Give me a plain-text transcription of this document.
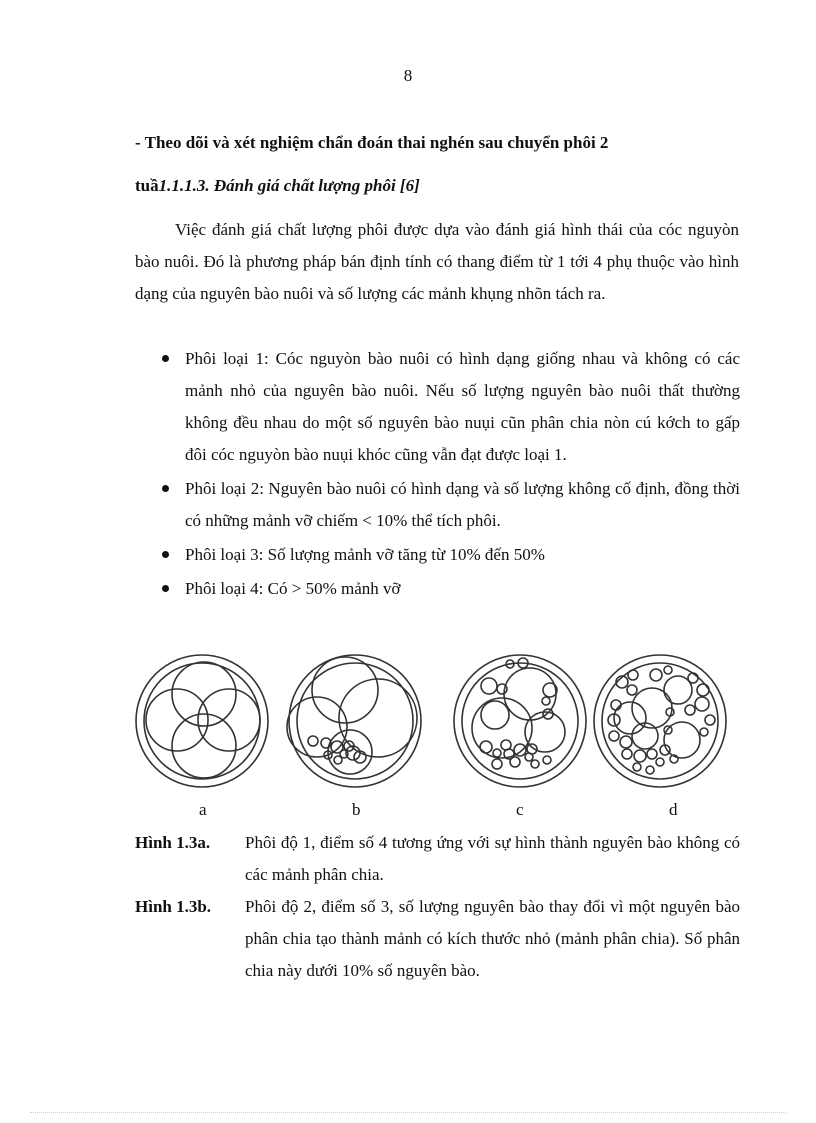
8
- Theo dõi và xét nghiệm chẩn đoán thai nghén sau chuyển phôi 2
tuầ1.1.1.3. Đánh giá chất lượng phôi [6]

Việc đánh giá chất lượng phôi được dựa vào đánh giá hình thái của cóc nguyòn bào nuôi. Đó là phương pháp bán định tính có thang điểm từ 1 tới 4 phụ thuộc vào hình dạng của nguyên bào nuôi và số lượng các mảnh khụng nhõn tách ra.

Phôi loại 1: Cóc nguyòn bào nuôi có hình dạng giống nhau và không có các mảnh nhỏ của nguyên bào nuôi. Nếu số lượng nguyên bào nuôi thất thường không đều nhau do một số nguyên bào nuụi cũn phân chia nòn cú kớch to gấp đôi cóc nguyòn bào nuụi khóc cũng vẫn đạt được loại 1.
Phôi loại 2: Nguyên bào nuôi có hình dạng và số lượng không cố định, đồng thời có những mảnh vỡ chiếm < 10% thể tích phôi.
Phôi loại 3: Số lượng mảnh vỡ tăng từ 10% đến 50%
Phôi loại 4: Có > 50% mảnh vỡ
a	b	c	d
Hình 1.3a. Phôi độ 1, điểm số 4 tương ứng với sự hình thành nguyên bào không có các mảnh phân chia.
Hình 1.3b. Phôi độ 2, điểm số 3, số lượng nguyên bào thay đổi vì một nguyên bào phân chia tạo thành mảnh có kích thước nhỏ (mảnh phân chia). Số phân chia này dưới 10% số nguyên bào.
